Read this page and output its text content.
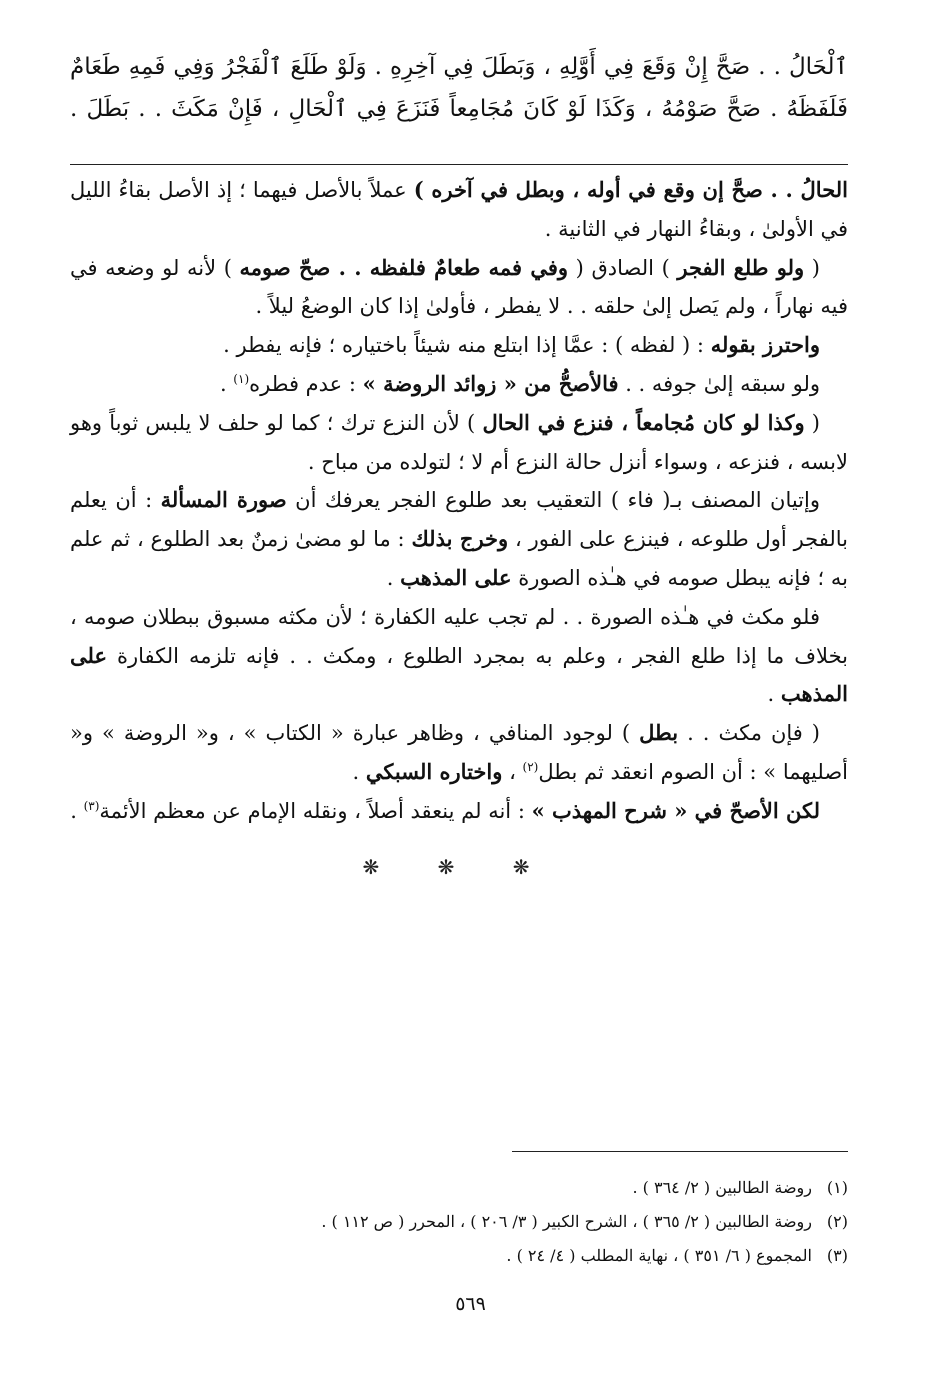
ٱلْحَالُ . . صَحَّ إِنْ وَقَعَ فِي أَوَّلِهِ ، وَبَطَلَ فِي آخِرِهِ . وَلَوْ طَلَعَ ٱلْفَجْرُ وَفِي فَمِهِ طَعَامٌ
فَلَفَظَهُ . صَحَّ صَوْمُهُ ، وَكَذَا لَوْ كَانَ مُجَامِعاً فَنَزَعَ فِي ٱلْحَالِ ، فَإِنْ مَكَثَ . . بَطَلَ .

الحالُ . . صحَّ إن وقع في أوله ، وبطل في آخره ) عملاً بالأصل فيهما ؛ إذ الأصل بقاءُ الليل في الأولىٰ ، وبقاءُ النهار في الثانية .

( ولو طلع الفجر ) الصادق ( وفي فمه طعامٌ فلفظه . . صحّ صومه ) لأنه لو وضعه في فيه نهاراً ، ولم يَصل إلىٰ حلقه . . لا يفطر ، فأولىٰ إذا كان الوضعُ ليلاً .

واحترز بقوله : ( لفظه ) : عمَّا إذا ابتلع منه شيئاً باختياره ؛ فإنه يفطر .

ولو سبقه إلىٰ جوفه . . فالأصحُّ من « زوائد الروضة » : عدم فطره$^{(١)}$ .

( وكذا لو كان مُجامعاً ، فنزع في الحال ) لأن النزع ترك ؛ كما لو حلف لا يلبس ثوباً وهو لابسه ، فنزعه ، وسواء أنزل حالة النزع أم لا ؛ لتولده من مباح .

وإتيان المصنف بـ( فاء ) التعقيب بعد طلوع الفجر يعرفك أن صورة المسألة : أن يعلم بالفجر أول طلوعه ، فينزع على الفور ، وخرج بذلك : ما لو مضىٰ زمنٌ بعد الطلوع ، ثم علم به ؛ فإنه يبطل صومه في هـٰذه الصورة على المذهب .

فلو مكث في هـٰذه الصورة . . لم تجب عليه الكفارة ؛ لأن مكثه مسبوق ببطلان صومه ، بخلاف ما إذا طلع الفجر ، وعلم به بمجرد الطلوع ، ومكث . . فإنه تلزمه الكفارة على المذهب .

( فإن مكث . . بطل ) لوجود المنافي ، وظاهر عبارة « الكتاب » ، و« الروضة » و« أصليهما » : أن الصوم انعقد ثم بطل$^{(٢)}$ ، واختاره السبكي .

لكن الأصحّ في « شرح المهذب » : أنه لم ينعقد أصلاً ، ونقله الإمام عن معظم الأئمة$^{(٣)}$ .

❋ ❋ ❋
(١)روضة الطالبين ( ٢/ ٣٦٤ ) .
(٢)روضة الطالبين ( ٢/ ٣٦٥ ) ، الشرح الكبير ( ٣/ ٢٠٦ ) ، المحرر ( ص ١١٢ ) .
(٣)المجموع ( ٦/ ٣٥١ ) ، نهاية المطلب ( ٤/ ٢٤ ) .
٥٦٩
